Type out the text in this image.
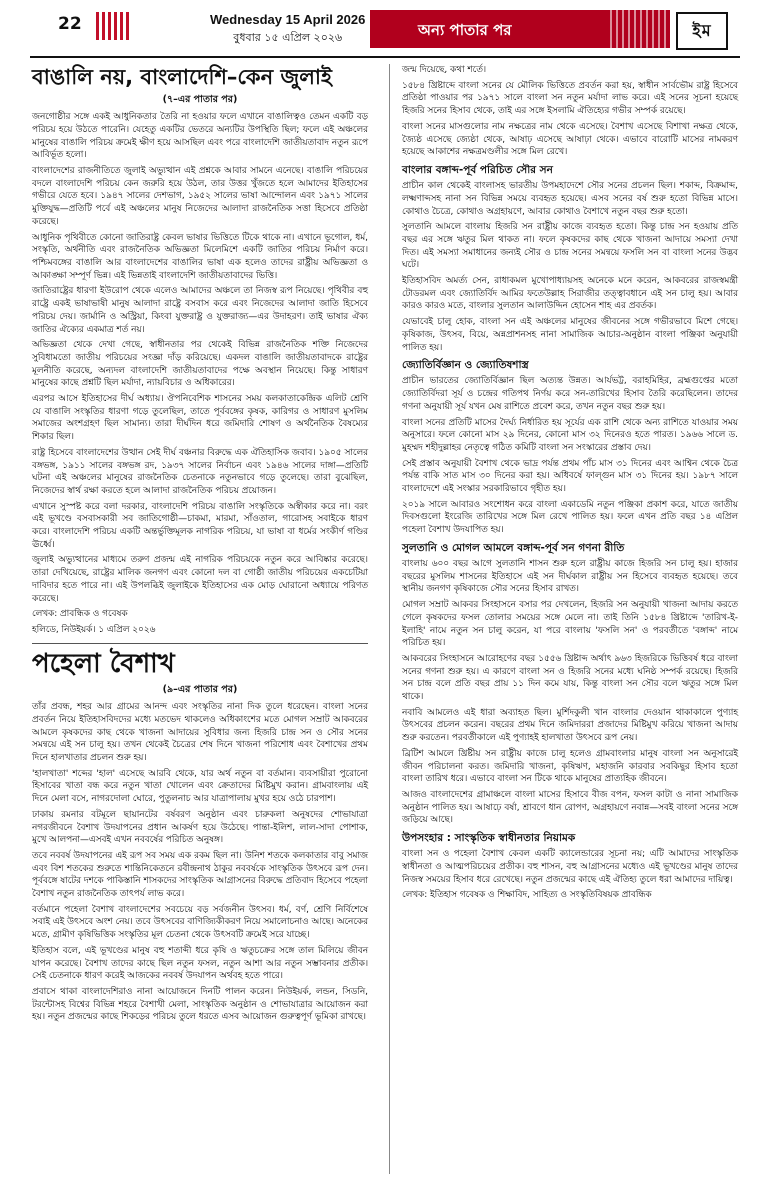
22	Wednesday 15 April 2026
বুধবার ১৫ এপ্রিল ২০২৬	অন্য পাতার পর	ইম
বাঙালি নয়, বাংলাদেশি–কেন জুলাই
(৭–এর পাতার পর)

জনগোষ্ঠীর সঙ্গে একই আধুনিকতার তৈরি না হওয়ার ফলে এখানে বাঙালিত্বও তেমন একটি বড় পরিচয় হয়ে উঠতে পারেনি। যেহেতু একটির ভেতরে অন্যটির উপস্থিতি ছিল; ফলে এই অঞ্চলের মানুষের বাঙালি পরিচয় ক্রমেই ক্ষীণ হয়ে আসছিল এবং পরে বাংলাদেশি জাতীয়তাবাদ নতুন রূপে আবির্ভূত হলো।

বাংলাদেশের রাজনীতিতে জুলাই অভ্যুত্থান এই প্রশ্নকে আবার সামনে এনেছে। বাঙালি পরিচয়ের বদলে বাংলাদেশি পরিচয় কেন জরুরি হয়ে উঠল, তার উত্তর খুঁজতে হলে আমাদের ইতিহাসের গভীরে যেতে হবে। ১৯৪৭ সালের দেশভাগ, ১৯৫২ সালের ভাষা আন্দোলন এবং ১৯৭১ সালের মুক্তিযুদ্ধ—প্রতিটি পর্বে এই অঞ্চলের মানুষ নিজেদের আলাদা রাজনৈতিক সত্তা হিসেবে প্রতিষ্ঠা করেছে।

আধুনিক পৃথিবীতে কোনো জাতিরাষ্ট্র কেবল ভাষার ভিত্তিতে টিকে থাকে না। এখানে ভূগোল, ধর্ম, সংস্কৃতি, অর্থনীতি এবং রাজনৈতিক অভিজ্ঞতা মিলেমিশে একটি জাতির পরিচয় নির্মাণ করে। পশ্চিমবঙ্গের বাঙালি আর বাংলাদেশের বাঙালির ভাষা এক হলেও তাদের রাষ্ট্রীয় অভিজ্ঞতা ও আকাঙ্ক্ষা সম্পূর্ণ ভিন্ন। এই ভিন্নতাই বাংলাদেশি জাতীয়তাবাদের ভিত্তি।

জাতিরাষ্ট্রের ধারণা ইউরোপ থেকে এলেও আমাদের অঞ্চলে তা নিজস্ব রূপ নিয়েছে। পৃথিবীর বহু রাষ্ট্রে একই ভাষাভাষী মানুষ আলাদা রাষ্ট্রে বসবাস করে এবং নিজেদের আলাদা জাতি হিসেবে পরিচয় দেয়। জার্মানি ও অস্ট্রিয়া, কিংবা যুক্তরাষ্ট্র ও যুক্তরাজ্য—এর উদাহরণ। তাই ভাষার ঐক্য জাতির ঐক্যের একমাত্র শর্ত নয়।

অভিজ্ঞতা থেকে দেখা গেছে, স্বাধীনতার পর থেকেই বিভিন্ন রাজনৈতিক শক্তি নিজেদের সুবিধামতো জাতীয় পরিচয়ের সংজ্ঞা দাঁড় করিয়েছে। একদল বাঙালি জাতীয়তাবাদকে রাষ্ট্রের মূলনীতি করেছে, অন্যদল বাংলাদেশি জাতীয়তাবাদের পক্ষে অবস্থান নিয়েছে। কিন্তু সাধারণ মানুষের কাছে প্রশ্নটি ছিল মর্যাদা, ন্যায়বিচার ও অধিকারের।

এরপর আসে ইতিহাসের দীর্ঘ অধ্যায়। ঔপনিবেশিক শাসনের সময় কলকাতাকেন্দ্রিক এলিট শ্রেণি যে বাঙালি সংস্কৃতির ধারণা গড়ে তুলেছিল, তাতে পূর্ববঙ্গের কৃষক, কারিগর ও সাধারণ মুসলিম সমাজের অংশগ্রহণ ছিল সামান্য। তারা দীর্ঘদিন ধরে জমিদারি শোষণ ও অর্থনৈতিক বৈষম্যের শিকার ছিল।

রাষ্ট্র হিসেবে বাংলাদেশের উত্থান সেই দীর্ঘ বঞ্চনার বিরুদ্ধে এক ঐতিহাসিক জবাব। ১৯০৫ সালের বঙ্গভঙ্গ, ১৯১১ সালের বঙ্গভঙ্গ রদ, ১৯৩৭ সালের নির্বাচন এবং ১৯৪৬ সালের দাঙ্গা—প্রতিটি ঘটনা এই অঞ্চলের মানুষের রাজনৈতিক চেতনাকে নতুনভাবে গড়ে তুলেছে। তারা বুঝেছিল, নিজেদের স্বার্থ রক্ষা করতে হলে আলাদা রাজনৈতিক পরিচয় প্রয়োজন।

এখানে সুস্পষ্ট করে বলা দরকার, বাংলাদেশি পরিচয় বাঙালি সংস্কৃতিকে অস্বীকার করে না। বরং এই ভূখণ্ডে বসবাসকারী সব জাতিগোষ্ঠী—চাকমা, মারমা, সাঁওতাল, গারোসহ সবাইকে ধারণ করে। বাংলাদেশি পরিচয় একটি অন্তর্ভুক্তিমূলক নাগরিক পরিচয়, যা ভাষা বা ধর্মের সংকীর্ণ গণ্ডির ঊর্ধ্বে।

জুলাই অভ্যুত্থানের মাধ্যমে তরুণ প্রজন্ম এই নাগরিক পরিচয়কে নতুন করে আবিষ্কার করেছে। তারা দেখিয়েছে, রাষ্ট্রের মালিক জনগণ এবং কোনো দল বা গোষ্ঠী জাতীয় পরিচয়ের একচেটিয়া দাবিদার হতে পারে না। এই উপলব্ধিই জুলাইকে ইতিহাসের এক মোড় ঘোরানো অধ্যায়ে পরিণত করেছে।

লেখক: প্রাবন্ধিক ও গবেষক

হলিডে, নিউইয়র্ক। ১ এপ্রিল ২০২৬

পহেলা বৈশাখ
(৯–এর পাতার পর)

তাঁর প্রবন্ধ, শহর আর গ্রামের আনন্দ এবং সংস্কৃতির নানা দিক তুলে ধরেছেন। বাংলা সনের প্রবর্তন নিয়ে ইতিহাসবিদদের মধ্যে মতভেদ থাকলেও অধিকাংশের মতে মোগল সম্রাট আকবরের আমলে কৃষকদের কাছ থেকে খাজনা আদায়ের সুবিধার জন্য হিজরি চান্দ্র সন ও সৌর সনের সমন্বয়ে এই সন চালু হয়। তখন থেকেই চৈত্রের শেষ দিনে খাজনা পরিশোধ এবং বৈশাখের প্রথম দিনে হালখাতার প্রচলন শুরু হয়।

'হালখাতা' শব্দের 'হাল' এসেছে আরবি থেকে, যার অর্থ নতুন বা বর্তমান। ব্যবসায়ীরা পুরোনো হিসাবের খাতা বন্ধ করে নতুন খাতা খোলেন এবং ক্রেতাদের মিষ্টিমুখ করান। গ্রামবাংলায় এই দিনে মেলা বসে, নাগরদোলা ঘোরে, পুতুলনাচ আর যাত্রাপালায় মুখর হয়ে ওঠে চারপাশ।

ঢাকায় রমনার বটমূলে ছায়ানটের বর্ষবরণ অনুষ্ঠান এবং চারুকলা অনুষদের শোভাযাত্রা নগরজীবনে বৈশাখ উদযাপনের প্রধান আকর্ষণ হয়ে উঠেছে। পান্তা-ইলিশ, লাল-সাদা পোশাক, মুখে আলপনা—এসবই এখন নববর্ষের পরিচিত অনুষঙ্গ।

তবে নববর্ষ উদযাপনের এই রূপ সব সময় এক রকম ছিল না। উনিশ শতকে কলকাতার বাবু সমাজ এবং বিশ শতকের শুরুতে শান্তিনিকেতনে রবীন্দ্রনাথ ঠাকুর নববর্ষকে সাংস্কৃতিক উৎসবে রূপ দেন। পূর্ববঙ্গে ষাটের দশকে পাকিস্তানি শাসকদের সাংস্কৃতিক আগ্রাসনের বিরুদ্ধে প্রতিবাদ হিসেবে পহেলা বৈশাখ নতুন রাজনৈতিক তাৎপর্য লাভ করে।

বর্তমানে পহেলা বৈশাখ বাংলাদেশের সবচেয়ে বড় সর্বজনীন উৎসব। ধর্ম, বর্ণ, শ্রেণি নির্বিশেষে সবাই এই উৎসবে অংশ নেয়। তবে উৎসবের বাণিজ্যিকীকরণ নিয়ে সমালোচনাও আছে। অনেকের মতে, গ্রামীণ কৃষিভিত্তিক সংস্কৃতির মূল চেতনা থেকে উৎসবটি ক্রমেই সরে যাচ্ছে।

ইতিহাস বলে, এই ভূখণ্ডের মানুষ বহু শতাব্দী ধরে কৃষি ও ঋতুচক্রের সঙ্গে তাল মিলিয়ে জীবন যাপন করেছে। বৈশাখ তাদের কাছে ছিল নতুন ফসল, নতুন আশা আর নতুন সম্ভাবনার প্রতীক। সেই চেতনাকে ধারণ করেই আজকের নববর্ষ উদযাপন অর্থবহ হতে পারে।

প্রবাসে থাকা বাংলাদেশিরাও নানা আয়োজনে দিনটি পালন করেন। নিউইয়র্ক, লন্ডন, সিডনি, টরন্টোসহ বিশ্বের বিভিন্ন শহরে বৈশাখী মেলা, সাংস্কৃতিক অনুষ্ঠান ও শোভাযাত্রার আয়োজন করা হয়। নতুন প্রজন্মের কাছে শিকড়ের পরিচয় তুলে ধরতে এসব আয়োজন গুরুত্বপূর্ণ ভূমিকা রাখছে।

জন্ম দিয়েছে, কথা শর্তে।

১৫৮৪ খ্রিষ্টাব্দে বাংলা সনের যে মৌলিক ভিত্তিতে প্রবর্তন করা হয়, স্বাধীন সার্বভৌম রাষ্ট্র হিসেবে প্রতিষ্ঠা পাওয়ার পর ১৯৭১ সালে বাংলা সন নতুন মর্যাদা লাভ করে। এই সনের সূচনা হয়েছে হিজরি সনের হিসাব থেকে, তাই এর সঙ্গে ইসলামি ঐতিহ্যের গভীর সম্পর্ক রয়েছে।

বাংলা সনের মাসগুলোর নাম নক্ষত্রের নাম থেকে এসেছে। বৈশাখ এসেছে বিশাখা নক্ষত্র থেকে, জ্যৈষ্ঠ এসেছে জ্যেষ্ঠা থেকে, আষাঢ় এসেছে আষাঢ়া থেকে। এভাবে বারোটি মাসের নামকরণ হয়েছে আকাশের নক্ষত্রমণ্ডলীর সঙ্গে মিল রেখে।

বাংলার বঙ্গাব্দ-পূর্ব পরিচিত সৌর সন

প্রাচীন কাল থেকেই বাংলাসহ ভারতীয় উপমহাদেশে সৌর সনের প্রচলন ছিল। শকাব্দ, বিক্রমাব্দ, লক্ষ্মণাব্দসহ নানা সন বিভিন্ন সময়ে ব্যবহৃত হয়েছে। এসব সনের বর্ষ শুরু হতো বিভিন্ন মাসে। কোথাও চৈত্রে, কোথাও অগ্রহায়ণে, আবার কোথাও বৈশাখে নতুন বছর শুরু হতো।

সুলতানি আমলে বাংলায় হিজরি সন রাষ্ট্রীয় কাজে ব্যবহৃত হতো। কিন্তু চান্দ্র সন হওয়ায় প্রতি বছর এর সঙ্গে ঋতুর মিল থাকত না। ফলে কৃষকদের কাছ থেকে খাজনা আদায়ে সমস্যা দেখা দিত। এই সমস্যা সমাধানের জন্যই সৌর ও চান্দ্র সনের সমন্বয়ে ফসলি সন বা বাংলা সনের উদ্ভব ঘটে।

ইতিহাসবিদ অমর্ত্য সেন, রাধাকমল মুখোপাধ্যায়সহ অনেকে মনে করেন, আকবরের রাজস্বমন্ত্রী টোডরমল এবং জ্যোতির্বিদ আমির ফতেউল্লাহ সিরাজীর তত্ত্বাবধানে এই সন চালু হয়। আবার কারও কারও মতে, বাংলার সুলতান আলাউদ্দিন হোসেন শাহ এর প্রবর্তক।

যেভাবেই চালু হোক, বাংলা সন এই অঞ্চলের মানুষের জীবনের সঙ্গে গভীরভাবে মিশে গেছে। কৃষিকাজ, উৎসব, বিয়ে, অন্নপ্রাশনসহ নানা সামাজিক আচার-অনুষ্ঠান বাংলা পঞ্জিকা অনুযায়ী পালিত হয়।

জ্যোতির্বিজ্ঞান ও জ্যোতিষশাস্ত্র

প্রাচীন ভারতের জ্যোতির্বিজ্ঞান ছিল অত্যন্ত উন্নত। আর্যভট্ট, বরাহমিহির, ব্রহ্মগুপ্তের মতো জ্যোতির্বিদরা সূর্য ও চন্দ্রের গতিপথ নির্ণয় করে সন-তারিখের হিসাব তৈরি করেছিলেন। তাদের গণনা অনুযায়ী সূর্য যখন মেষ রাশিতে প্রবেশ করে, তখন নতুন বছর শুরু হয়।

বাংলা সনের প্রতিটি মাসের দৈর্ঘ্য নির্ধারিত হয় সূর্যের এক রাশি থেকে অন্য রাশিতে যাওয়ার সময় অনুসারে। ফলে কোনো মাস ২৯ দিনের, কোনো মাস ৩২ দিনেরও হতে পারত। ১৯৬৬ সালে ড. মুহম্মদ শহীদুল্লাহর নেতৃত্বে গঠিত কমিটি বাংলা সন সংস্কারের প্রস্তাব দেয়।

সেই প্রস্তাব অনুযায়ী বৈশাখ থেকে ভাদ্র পর্যন্ত প্রথম পাঁচ মাস ৩১ দিনের এবং আশ্বিন থেকে চৈত্র পর্যন্ত বাকি সাত মাস ৩০ দিনের করা হয়। অধিবর্ষে ফাল্গুন মাস ৩১ দিনের হয়। ১৯৮৭ সালে বাংলাদেশে এই সংস্কার সরকারিভাবে গৃহীত হয়।

২০১৯ সালে আবারও সংশোধন করে বাংলা একাডেমি নতুন পঞ্জিকা প্রকাশ করে, যাতে জাতীয় দিবসগুলো ইংরেজি তারিখের সঙ্গে মিল রেখে পালিত হয়। ফলে এখন প্রতি বছর ১৪ এপ্রিল পহেলা বৈশাখ উদযাপিত হয়।

সুলতানি ও মোগল আমলে বঙ্গাব্দ-পূর্ব সন গণনা রীতি

বাংলায় ৬০০ বছর আগে সুলতানি শাসন শুরু হলে রাষ্ট্রীয় কাজে হিজরি সন চালু হয়। হাজার বছরের মুসলিম শাসনের ইতিহাসে এই সন দীর্ঘকাল রাষ্ট্রীয় সন হিসেবে ব্যবহৃত হয়েছে। তবে স্থানীয় জনগণ কৃষিকাজে সৌর সনের হিসাব রাখত।

মোগল সম্রাট আকবর সিংহাসনে বসার পর দেখলেন, হিজরি সন অনুযায়ী খাজনা আদায় করতে গেলে কৃষকদের ফসল তোলার সময়ের সঙ্গে মেলে না। তাই তিনি ১৫৮৪ খ্রিষ্টাব্দে 'তারিখ-ই-ইলাহি' নামে নতুন সন চালু করেন, যা পরে বাংলায় 'ফসলি সন' ও পরবর্তীতে 'বঙ্গাব্দ' নামে পরিচিত হয়।

আকবরের সিংহাসনে আরোহণের বছর ১৫৫৬ খ্রিষ্টাব্দ অর্থাৎ ৯৬৩ হিজরিকে ভিত্তিবর্ষ ধরে বাংলা সনের গণনা শুরু হয়। এ কারণে বাংলা সন ও হিজরি সনের মধ্যে ঘনিষ্ঠ সম্পর্ক রয়েছে। হিজরি সন চান্দ্র বলে প্রতি বছর প্রায় ১১ দিন কমে যায়, কিন্তু বাংলা সন সৌর বলে ঋতুর সঙ্গে মিল থাকে।

নবাবি আমলেও এই ধারা অব্যাহত ছিল। মুর্শিদকুলী খান বাংলার দেওয়ান থাকাকালে পুণ্যাহ উৎসবের প্রচলন করেন। বছরের প্রথম দিনে জমিদাররা প্রজাদের মিষ্টিমুখ করিয়ে খাজনা আদায় শুরু করতেন। পরবর্তীকালে এই পুণ্যাহই হালখাতা উৎসবে রূপ নেয়।

ব্রিটিশ আমলে খ্রিষ্টীয় সন রাষ্ট্রীয় কাজে চালু হলেও গ্রামবাংলার মানুষ বাংলা সন অনুসারেই জীবন পরিচালনা করত। জমিদারি খাজনা, কৃষিঋণ, মহাজনি কারবার সবকিছুর হিসাব হতো বাংলা তারিখ ধরে। এভাবে বাংলা সন টিকে থাকে মানুষের প্রাত্যহিক জীবনে।

আজও বাংলাদেশের গ্রামাঞ্চলে বাংলা মাসের হিসাবে বীজ বপন, ফসল কাটা ও নানা সামাজিক অনুষ্ঠান পালিত হয়। আষাঢ়ে বর্ষা, শ্রাবণে ধান রোপণ, অগ্রহায়ণে নবান্ন—সবই বাংলা সনের সঙ্গে জড়িয়ে আছে।

উপসংহার : সাংস্কৃতিক স্বাধীনতার নিয়ামক

বাংলা সন ও পহেলা বৈশাখ কেবল একটি ক্যালেন্ডারের সূচনা নয়; এটি আমাদের সাংস্কৃতিক স্বাধীনতা ও আত্মপরিচয়ের প্রতীক। বহু শাসন, বহু আগ্রাসনের মধ্যেও এই ভূখণ্ডের মানুষ তাদের নিজস্ব সময়ের হিসাব ধরে রেখেছে। নতুন প্রজন্মের কাছে এই ঐতিহ্য তুলে ধরা আমাদের দায়িত্ব।

লেখক: ইতিহাস গবেষক ও শিক্ষাবিদ, সাহিত্য ও সংস্কৃতিবিষয়ক প্রাবন্ধিক
